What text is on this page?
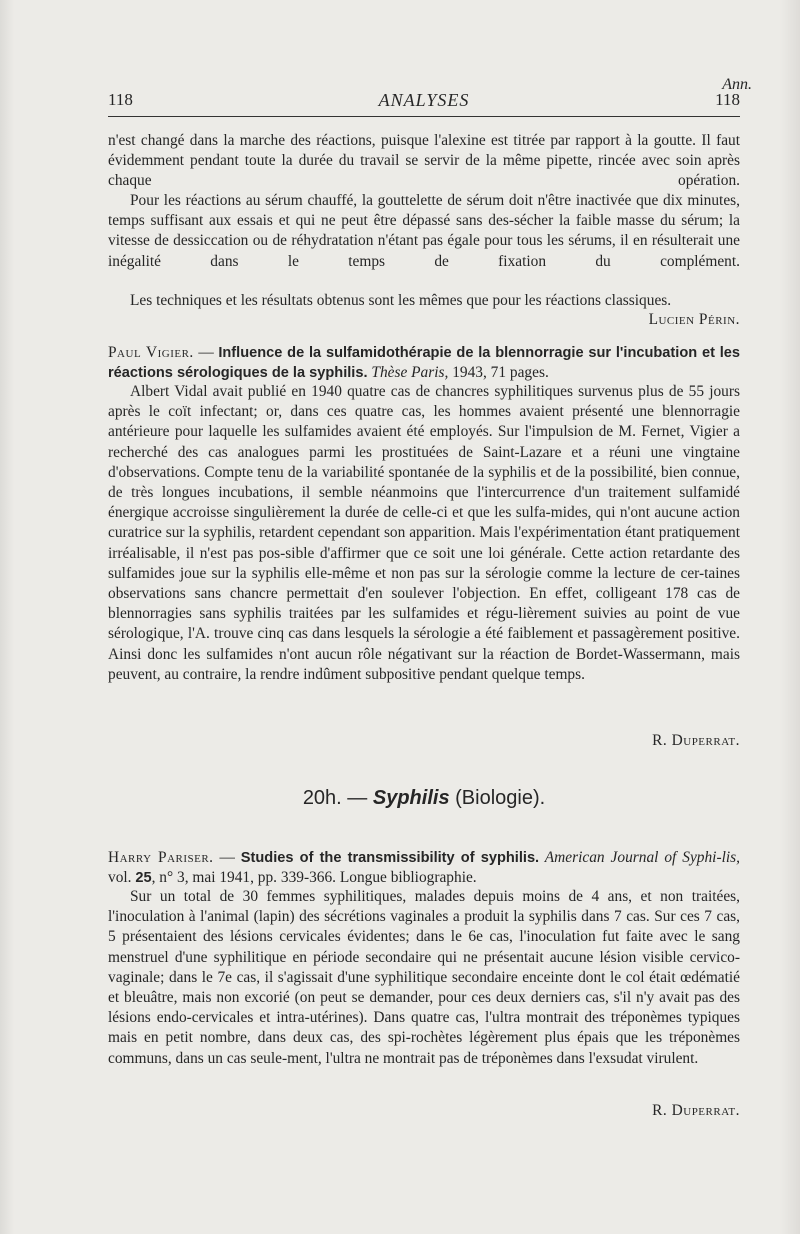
Ann.
118	ANALYSES	118
n'est changé dans la marche des réactions, puisque l'alexine est titrée par rapport à la goutte. Il faut évidemment pendant toute la durée du travail se servir de la même pipette, rincée avec soin après chaque opération.
Pour les réactions au sérum chauffé, la gouttelette de sérum doit n'être inactivée que dix minutes, temps suffisant aux essais et qui ne peut être dépassé sans des-sécher la faible masse du sérum; la vitesse de dessiccation ou de réhydratation n'étant pas égale pour tous les sérums, il en résulterait une inégalité dans le temps de fixation du complément.
Les techniques et les résultats obtenus sont les mêmes que pour les réactions classiques.
Lucien Périn.
Paul Vigier. — Influence de la sulfamidothérapie de la blennorragie sur l'incubation et les réactions sérologiques de la syphilis. Thèse Paris, 1943, 71 pages.
Albert Vidal avait publié en 1940 quatre cas de chancres syphilitiques survenus plus de 55 jours après le coït infectant; or, dans ces quatre cas, les hommes avaient présenté une blennorragie antérieure pour laquelle les sulfamides avaient été employés. Sur l'impulsion de M. Fernet, Vigier a recherché des cas analogues parmi les prostituées de Saint-Lazare et a réuni une vingtaine d'observations. Compte tenu de la variabilité spontanée de la syphilis et de la possibilité, bien connue, de très longues incubations, il semble néanmoins que l'intercurrence d'un traitement sulfamidé énergique accroisse singulièrement la durée de celle-ci et que les sulfa-mides, qui n'ont aucune action curatrice sur la syphilis, retardent cependant son apparition. Mais l'expérimentation étant pratiquement irréalisable, il n'est pas pos-sible d'affirmer que ce soit une loi générale. Cette action retardante des sulfamides joue sur la syphilis elle-même et non pas sur la sérologie comme la lecture de cer-taines observations sans chancre permettait d'en soulever l'objection. En effet, colligeant 178 cas de blennorragies sans syphilis traitées par les sulfamides et régu-lièrement suivies au point de vue sérologique, l'A. trouve cinq cas dans lesquels la sérologie a été faiblement et passagèrement positive. Ainsi donc les sulfamides n'ont aucun rôle négativant sur la réaction de Bordet-Wassermann, mais peuvent, au contraire, la rendre indûment subpositive pendant quelque temps.
R. Duperrat.
20h. — Syphilis (Biologie).
Harry Pariser. — Studies of the transmissibility of syphilis. American Journal of Syphi-lis, vol. 25, n° 3, mai 1941, pp. 339-366. Longue bibliographie.
Sur un total de 30 femmes syphilitiques, malades depuis moins de 4 ans, et non traitées, l'inoculation à l'animal (lapin) des sécrétions vaginales a produit la syphilis dans 7 cas. Sur ces 7 cas, 5 présentaient des lésions cervicales évidentes; dans le 6e cas, l'inoculation fut faite avec le sang menstruel d'une syphilitique en période secondaire qui ne présentait aucune lésion visible cervico-vaginale; dans le 7e cas, il s'agissait d'une syphilitique secondaire enceinte dont le col était œdématié et bleuâtre, mais non excorié (on peut se demander, pour ces deux derniers cas, s'il n'y avait pas des lésions endo-cervicales et intra-utérines). Dans quatre cas, l'ultra montrait des tréponèmes typiques mais en petit nombre, dans deux cas, des spi-rochètes légèrement plus épais que les tréponèmes communs, dans un cas seule-ment, l'ultra ne montrait pas de tréponèmes dans l'exsudat virulent.
R. Duperrat.
